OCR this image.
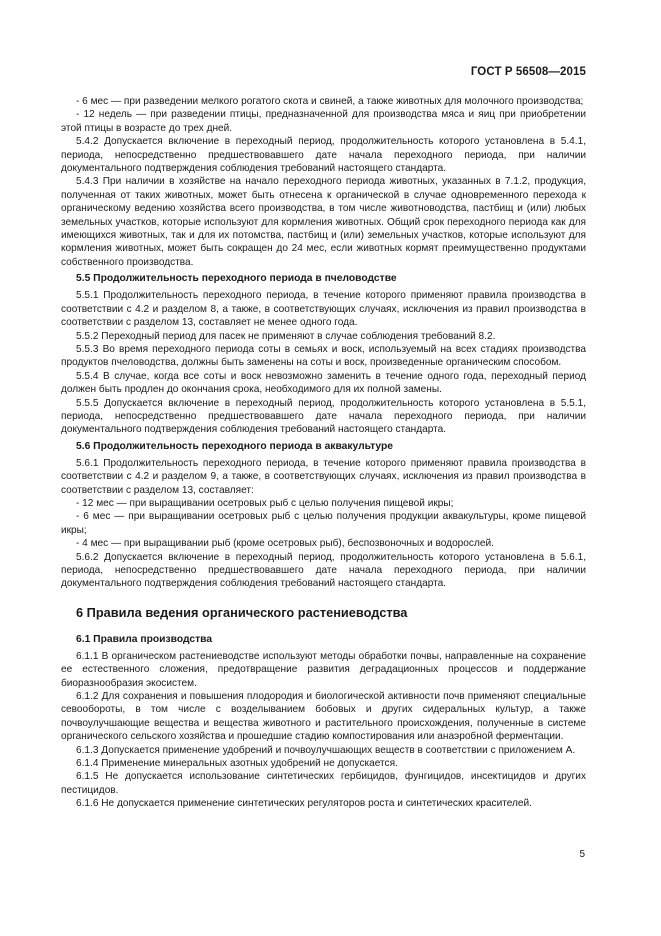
ГОСТ Р 56508—2015

- 6 мес — при разведении мелкого рогатого скота и свиней, а также животных для молочного производства;

- 12 недель — при разведении птицы, предназначенной для производства мяса и яиц при приобретении этой птицы в возрасте до трех дней.

5.4.2 Допускается включение в переходный период, продолжительность которого установлена в 5.4.1, периода, непосредственно предшествовавшего дате начала переходного периода, при наличии документального подтверждения соблюдения требований настоящего стандарта.

5.4.3 При наличии в хозяйстве на начало переходного периода животных, указанных в 7.1.2, продукция, полученная от таких животных, может быть отнесена к органической в случае одновременного перехода к органическому ведению хозяйства всего производства, в том числе животноводства, пастбищ и (или) любых земельных участков, которые используют для кормления животных. Общий срок переходного периода как для имеющихся животных, так и для их потомства, пастбищ и (или) земельных участков, которые используют для кормления животных, может быть сокращен до 24 мес, если животных кормят преимущественно продуктами собственного производства.

5.5 Продолжительность переходного периода в пчеловодстве

5.5.1 Продолжительность переходного периода, в течение которого применяют правила производства в соответствии с 4.2 и разделом 8, а также, в соответствующих случаях, исключения из правил производства в соответствии с разделом 13, составляет не менее одного года.

5.5.2 Переходный период для пасек не применяют в случае соблюдения требований 8.2.

5.5.3 Во время переходного периода соты в семьях и воск, используемый на всех стадиях производства продуктов пчеловодства, должны быть заменены на соты и воск, произведенные органическим способом.

5.5.4 В случае, когда все соты и воск невозможно заменить в течение одного года, переходный период должен быть продлен до окончания срока, необходимого для их полной замены.

5.5.5 Допускается включение в переходный период, продолжительность которого установлена в 5.5.1, периода, непосредственно предшествовавшего дате начала переходного периода, при наличии документального подтверждения соблюдения требований настоящего стандарта.

5.6 Продолжительность переходного периода в аквакультуре

5.6.1 Продолжительность переходного периода, в течение которого применяют правила производства в соответствии с 4.2 и разделом 9, а также, в соответствующих случаях, исключения из правил производства в соответствии с разделом 13, составляет:

- 12 мес — при выращивании осетровых рыб с целью получения пищевой икры;

- 6 мес — при выращивании осетровых рыб с целью получения продукции аквакультуры, кроме пищевой икры;

- 4 мес — при выращивании рыб (кроме осетровых рыб), беспозвоночных и водорослей.

5.6.2 Допускается включение в переходный период, продолжительность которого установлена в 5.6.1, периода, непосредственно предшествовавшего дате начала переходного периода, при наличии документального подтверждения соблюдения требований настоящего стандарта.

6 Правила ведения органического растениеводства
6.1 Правила производства

6.1.1 В органическом растениеводстве используют методы обработки почвы, направленные на сохранение ее естественного сложения, предотвращение развития деградационных процессов и поддержание биоразнообразия экосистем.

6.1.2 Для сохранения и повышения плодородия и биологической активности почв применяют специальные севообороты, в том числе с возделыванием бобовых и других сидеральных культур, а также почвоулучшающие вещества и вещества животного и растительного происхождения, полученные в системе органического сельского хозяйства и прошедшие стадию компостирования или анаэробной ферментации.

6.1.3 Допускается применение удобрений и почвоулучшающих веществ в соответствии с приложением А.

6.1.4 Применение минеральных азотных удобрений не допускается.

6.1.5 Не допускается использование синтетических гербицидов, фунгицидов, инсектицидов и других пестицидов.

6.1.6 Не допускается применение синтетических регуляторов роста и синтетических красителей.

5
